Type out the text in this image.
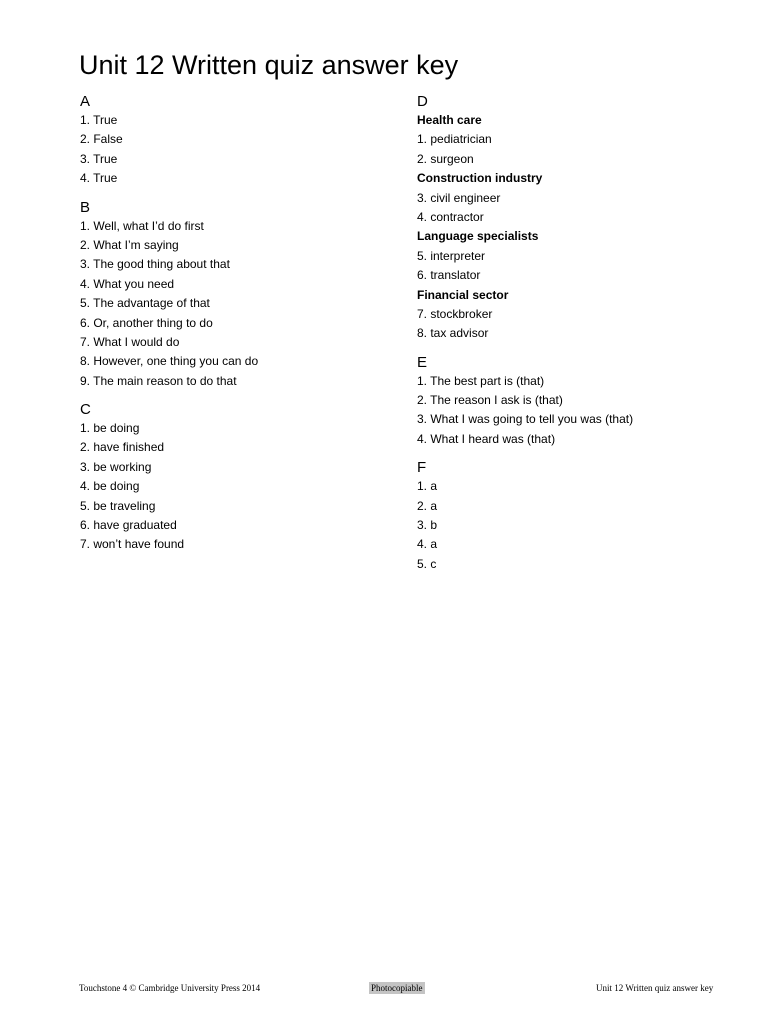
Unit 12 Written quiz answer key
A
1. True
2. False
3. True
4. True
B
1. Well, what I’d do first
2. What I’m saying
3. The good thing about that
4. What you need
5. The advantage of that
6. Or, another thing to do
7. What I would do
8. However, one thing you can do
9. The main reason to do that
C
1. be doing
2. have finished
3. be working
4. be doing
5. be traveling
6. have graduated
7. won’t have found
D
Health care
1. pediatrician
2. surgeon
Construction industry
3. civil engineer
4. contractor
Language specialists
5. interpreter
6. translator
Financial sector
7. stockbroker
8. tax advisor
E
1. The best part is (that)
2. The reason I ask is (that)
3. What I was going to tell you was (that)
4. What I heard was (that)
F
1. a
2. a
3. b
4. a
5. c
Touchstone 4 © Cambridge University Press 2014	Photocopiable	Unit 12 Written quiz answer key
